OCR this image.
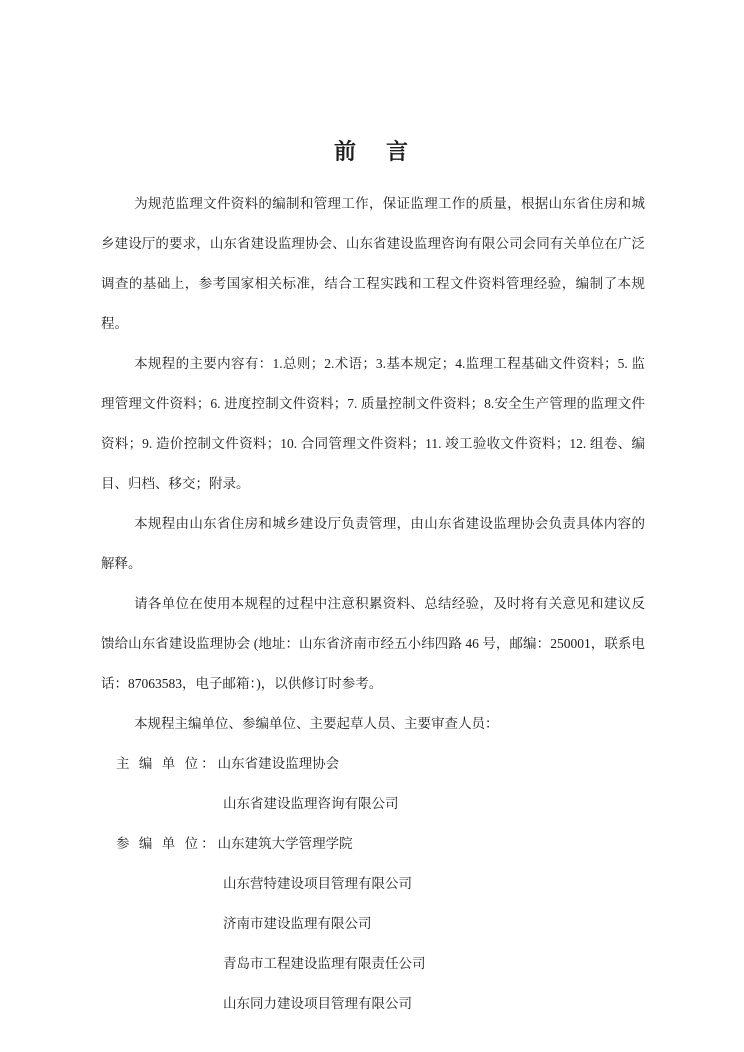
前　言

为规范监理文件资料的编制和管理工作，保证监理工作的质量，根据山东省住房和城乡建设厅的要求，山东省建设监理协会、山东省建设监理咨询有限公司会同有关单位在广泛调查的基础上，参考国家相关标准，结合工程实践和工程文件资料管理经验，编制了本规程。

本规程的主要内容有：1.总则；2.术语；3.基本规定；4.监理工程基础文件资料；5. 监理管理文件资料；6. 进度控制文件资料；7. 质量控制文件资料；8.安全生产管理的监理文件资料；9. 造价控制文件资料；10. 合同管理文件资料；11. 竣工验收文件资料；12. 组卷、编目、归档、移交；附录。

本规程由山东省住房和城乡建设厅负责管理，由山东省建设监理协会负责具体内容的解释。

请各单位在使用本规程的过程中注意积累资料、总结经验，及时将有关意见和建议反馈给山东省建设监理协会 (地址：山东省济南市经五小纬四路 46 号，邮编：250001，联系电话：87063583，电子邮箱：)，以供修订时参考。

本规程主编单位、参编单位、主要起草人员、主要审查人员：

主 编 单 位：山东省建设监理协会
山东省建设监理咨询有限公司
参 编 单 位：山东建筑大学管理学院
山东营特建设项目管理有限公司
济南市建设监理有限公司
青岛市工程建设监理有限责任公司
山东同力建设项目管理有限公司
